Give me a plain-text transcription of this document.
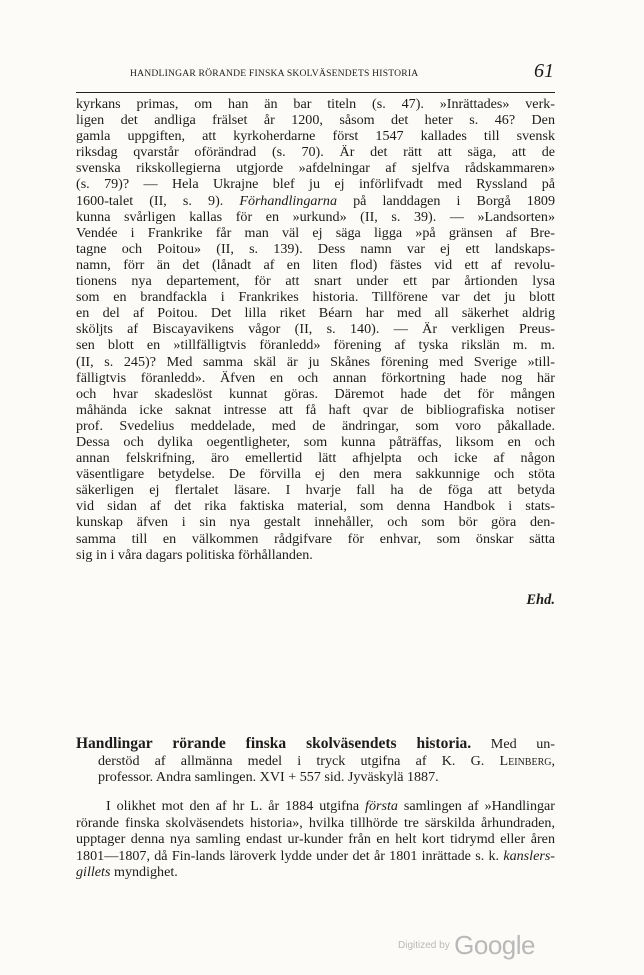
HANDLINGAR RÖRANDE FINSKA SKOLVÄSENDETS HISTORIA	61
kyrkans primas, om han än bar titeln (s. 47). »Inrättades» verk-
ligen det andliga frälset år 1200, såsom det heter s. 46? Den
gamla uppgiften, att kyrkoherdarne först 1547 kallades till svensk
riksdag qvarstår oförändrad (s. 70). Är det rätt att säga, att de
svenska rikskollegierna utgjorde »afdelningar af sjelfva rådskammaren»
(s. 79)? — Hela Ukrajne blef ju ej införlifvadt med Ryssland på
1600-talet (II, s. 9). Förhandlingarna på landdagen i Borgå 1809
kunna svårligen kallas för en »urkund» (II, s. 39). — »Landsorten»
Vendée i Frankrike får man väl ej säga ligga »på gränsen af Bre-
tagne och Poitou» (II, s. 139). Dess namn var ej ett landskaps-
namn, förr än det (lånadt af en liten flod) fästes vid ett af revolu-
tionens nya departement, för att snart under ett par årtionden lysa
som en brandfackla i Frankrikes historia. Tillförene var det ju blott
en del af Poitou. Det lilla riket Béarn har med all säkerhet aldrig
sköljts af Biscayavikens vågor (II, s. 140). — Är verkligen Preus-
sen blott en »tillfälligtvis föranledd» förening af tyska rikslän m. m.
(II, s. 245)? Med samma skäl är ju Skånes förening med Sverige »till-
fälligtvis föranledd». Äfven en och annan förkortning hade nog här
och hvar skadeslöst kunnat göras. Däremot hade det för mången
måhända icke saknat intresse att få haft qvar de bibliografiska notiser
prof. Svedelius meddelade, med de ändringar, som voro påkallade.
Dessa och dylika oegentligheter, som kunna påträffas, liksom en och
annan felskrifning, äro emellertid lätt afhjelpta och icke af någon
väsentligare betydelse. De förvilla ej den mera sakkunnige och stöta
säkerligen ej flertalet läsare. I hvarje fall ha de föga att betyda
vid sidan af det rika faktiska material, som denna Handbok i stats-
kunskap äfven i sin nya gestalt innehåller, och som bör göra den-
samma till en välkommen rådgifvare för enhvar, som önskar sätta
sig in i våra dagars politiska förhållanden.
Ehd.
Handlingar rörande finska skolväsendets historia. Med un-
derstöd af allmänna medel i tryck utgifna af K. G. Leinberg,
professor. Andra samlingen. XVI + 557 sid. Jyväskylä 1887.

I olikhet mot den af hr L. år 1884 utgifna första samlingen af »Handlingar rörande finska skolväsendets historia», hvilka tillhörde tre särskilda århundraden, upptager denna nya samling endast ur-kunder från en helt kort tidrymd eller åren 1801—1807, då Fin-lands läroverk lydde under det år 1801 inrättade s. k. kanslers-gillets myndighet.

Digitized by Google
